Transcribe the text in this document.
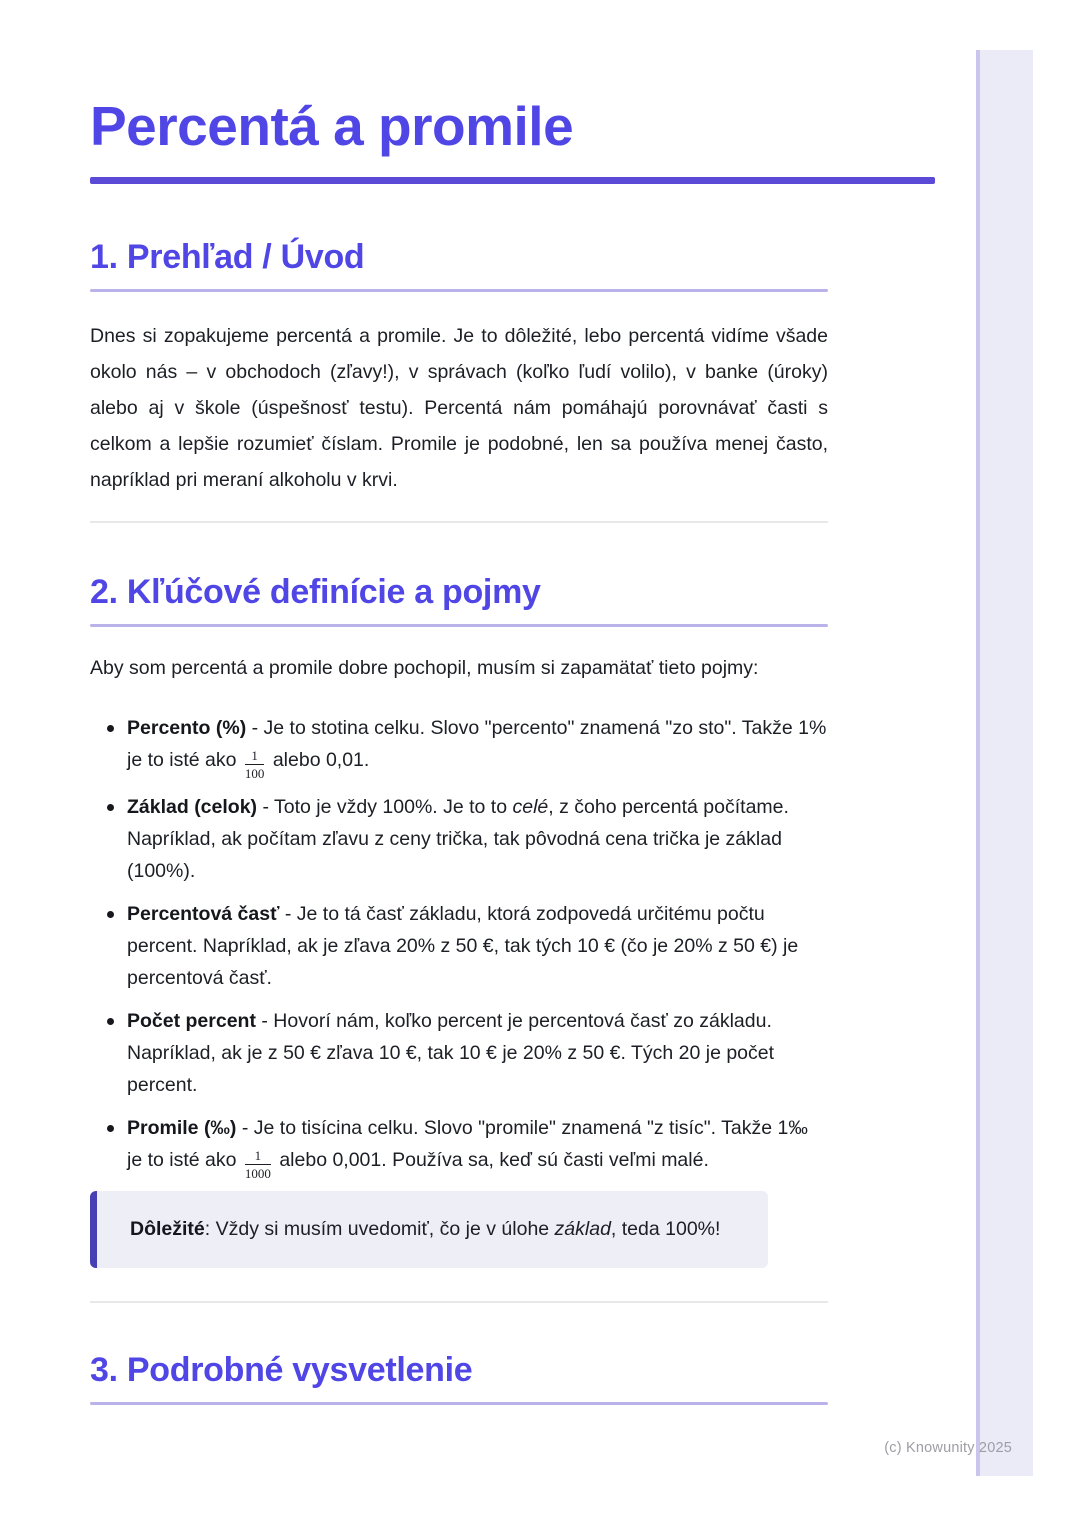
(c) Knowunity 2025
Percentá a promile
1. Prehľad / Úvod

Dnes si zopakujeme percentá a promile. Je to dôležité, lebo percentá vidíme všade okolo nás – v obchodoch (zľavy!), v správach (koľko ľudí volilo), v banke (úroky) alebo aj v škole (úspešnosť testu). Percentá nám pomáhajú porovnávať časti s celkom a lepšie rozumieť číslam. Promile je podobné, len sa používa menej často, napríklad pri meraní alkoholu v krvi.

2. Kľúčové definície a pojmy

Aby som percentá a promile dobre pochopil, musím si zapamätať tieto pojmy:

Percento (%) - Je to stotina celku. Slovo "percento" znamená "zo sto". Takže 1% je to isté ako $\frac{1}{100}$ alebo 0,01.
Základ (celok) - Toto je vždy 100%. Je to to celé, z čoho percentá počítame. Napríklad, ak počítam zľavu z ceny trička, tak pôvodná cena trička je základ (100%).
Percentová časť - Je to tá časť základu, ktorá zodpovedá určitému počtu percent. Napríklad, ak je zľava 20% z 50 €, tak tých 10 € (čo je 20% z 50 €) je percentová časť.
Počet percent - Hovorí nám, koľko percent je percentová časť zo základu. Napríklad, ak je z 50 € zľava 10 €, tak 10 € je 20% z 50 €. Tých 20 je počet percent.
Promile (‰) - Je to tisícina celku. Slovo "promile" znamená "z tisíc". Takže 1‰ je to isté ako $\frac{1}{1000}$ alebo 0,001. Používa sa, keď sú časti veľmi malé.

Dôležité: Vždy si musím uvedomiť, čo je v úlohe základ, teda 100%!

3. Podrobné vysvetlenie
